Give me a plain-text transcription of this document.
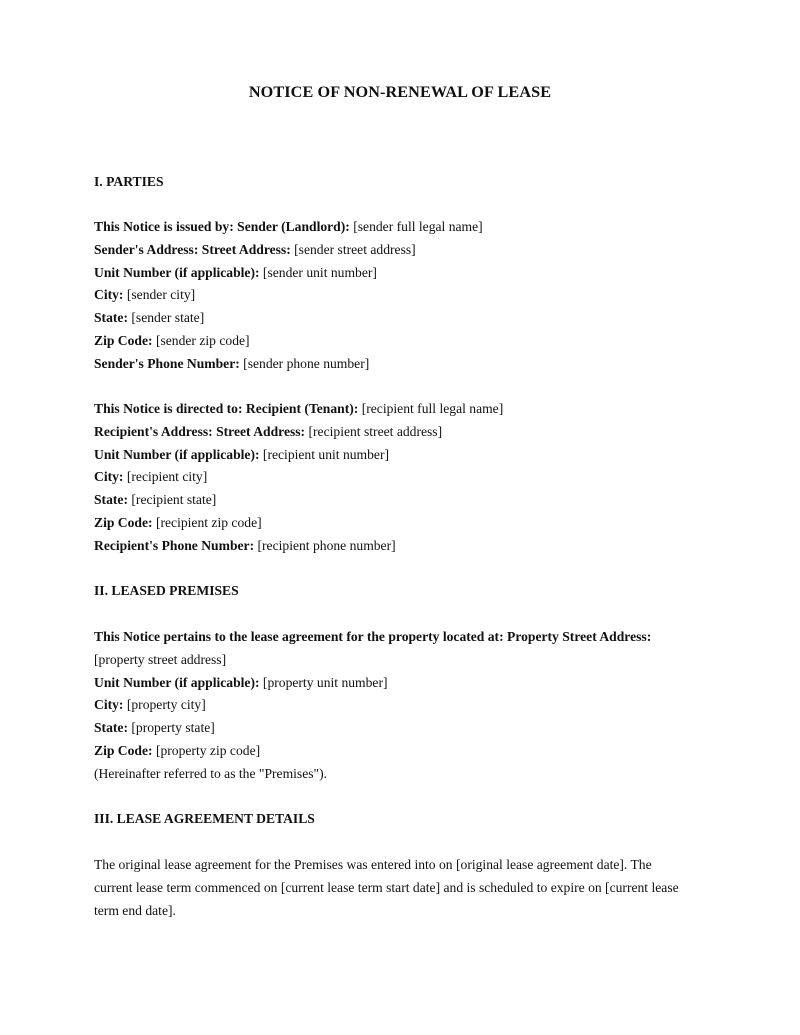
NOTICE OF NON-RENEWAL OF LEASE
I. PARTIES
This Notice is issued by: Sender (Landlord): [sender full legal name]
Sender's Address: Street Address: [sender street address]
Unit Number (if applicable): [sender unit number]
City: [sender city]
State: [sender state]
Zip Code: [sender zip code]
Sender's Phone Number: [sender phone number]
This Notice is directed to: Recipient (Tenant): [recipient full legal name]
Recipient's Address: Street Address: [recipient street address]
Unit Number (if applicable): [recipient unit number]
City: [recipient city]
State: [recipient state]
Zip Code: [recipient zip code]
Recipient's Phone Number: [recipient phone number]
II. LEASED PREMISES
This Notice pertains to the lease agreement for the property located at: Property Street Address:
[property street address]
Unit Number (if applicable): [property unit number]
City: [property city]
State: [property state]
Zip Code: [property zip code]
(Hereinafter referred to as the "Premises").
III. LEASE AGREEMENT DETAILS
The original lease agreement for the Premises was entered into on [original lease agreement date]. The current lease term commenced on [current lease term start date] and is scheduled to expire on [current lease term end date].
